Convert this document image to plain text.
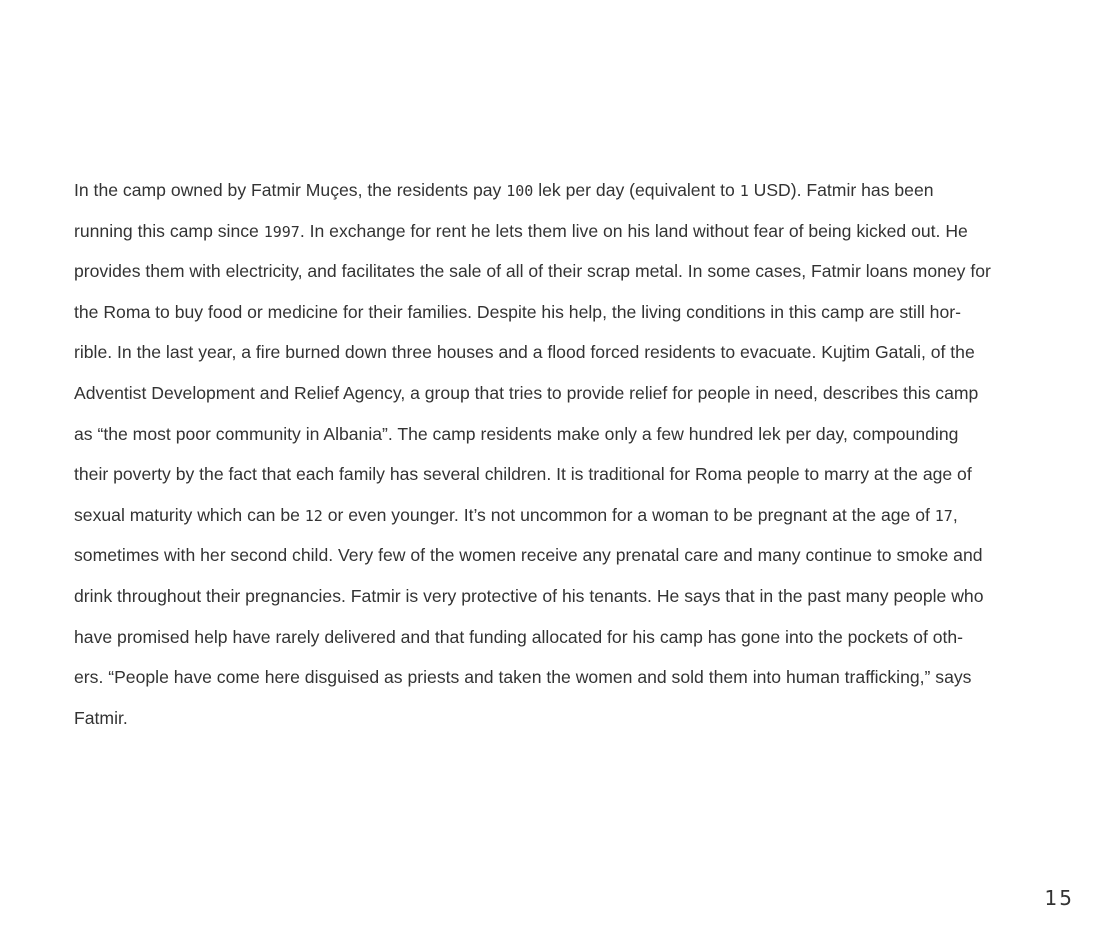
In the camp owned by Fatmir Muçes, the residents pay 100 lek per day (equivalent to 1 USD). Fatmir has been
running this camp since 1997. In exchange for rent he lets them live on his land without fear of being kicked out. He
provides them with electricity, and facilitates the sale of all of their scrap metal. In some cases, Fatmir loans money for
the Roma to buy food or medicine for their families. Despite his help, the living conditions in this camp are still hor-
rible. In the last year, a fire burned down three houses and a flood forced residents to evacuate. Kujtim Gatali, of the
Adventist Development and Relief Agency, a group that tries to provide relief for people in need, describes this camp
as “the most poor community in Albania”. The camp residents make only a few hundred lek per day, compounding
their poverty by the fact that each family has several children. It is traditional for Roma people to marry at the age of
sexual maturity which can be 12 or even younger. It’s not uncommon for a woman to be pregnant at the age of 17,
sometimes with her second child. Very few of the women receive any prenatal care and many continue to smoke and
drink throughout their pregnancies. Fatmir is very protective of his tenants. He says that in the past many people who
have promised help have rarely delivered and that funding allocated for his camp has gone into the pockets of oth-
ers. “People have come here disguised as priests and taken the women and sold them into human trafficking,” says
Fatmir.

15
